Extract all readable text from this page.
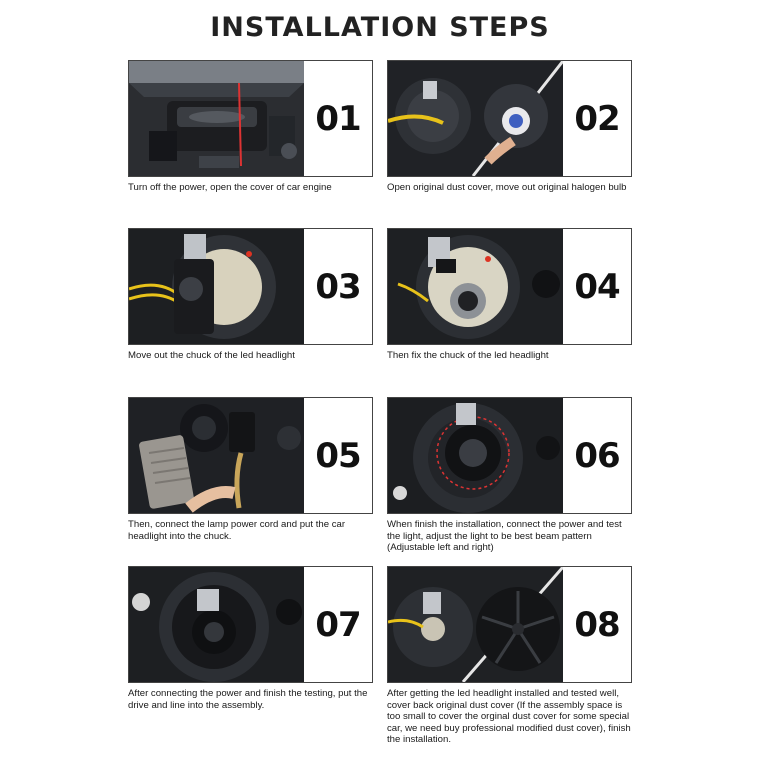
INSTALLATION STEPS
01
Turn off the power, open the cover of car engine
02
Open original dust cover, move out original halogen bulb
03
Move out the chuck of the led headlight
04
Then fix the chuck of the led headlight
05
Then, connect the lamp power cord and put the car headlight into the chuck.
06
When finish the installation, connect the power and test the light, adjust the light to be best beam pattern (Adjustable left and right)
07
After connecting the power and finish the testing, put the drive and line into the assembly.
08
After getting the led headlight installed and tested well, cover back original dust cover (If the assembly space is too small to cover the orginal dust cover for some special car, we need buy professional modified dust cover), finish the installation.
